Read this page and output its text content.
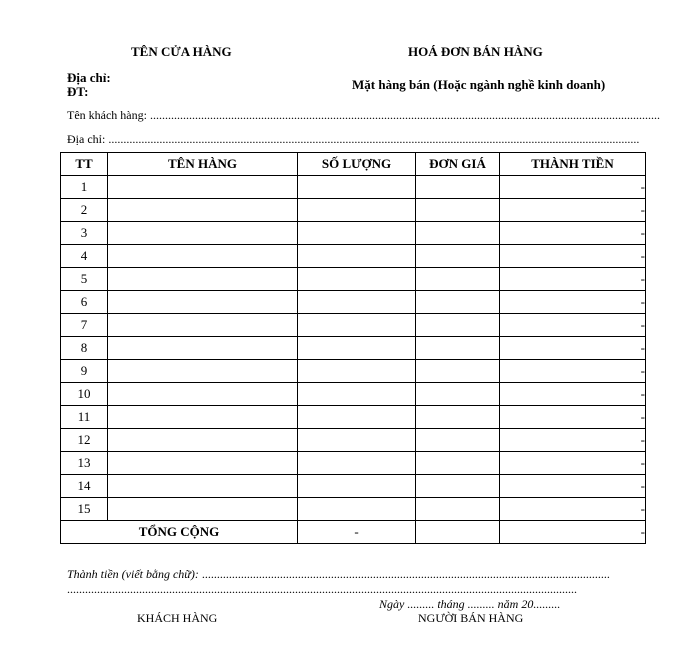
TÊN CỬA HÀNG	HOÁ ĐƠN BÁN HÀNG
Địa chỉ:
ĐT:	Mặt hàng bán (Hoặc ngành nghề kinh doanh)
Tên khách hàng: ..........................................................................................................................................................................
Địa chỉ: .................................................................................................................................................................................
TT	TÊN HÀNG	SỐ LƯỢNG	ĐƠN GIÁ	THÀNH TIỀN
1				-
2				-
3				-
4				-
5				-
6				-
7				-
8				-
9				-
10				-
11				-
12				-
13				-
14				-
15				-
TỔNG CỘNG		-		-
Thành tiền (viết bằng chữ): ........................................................................................................................................
..........................................................................................................................................................................
Ngày ......... tháng ......... năm 20.........
KHÁCH HÀNG	NGƯỜI BÁN HÀNG
